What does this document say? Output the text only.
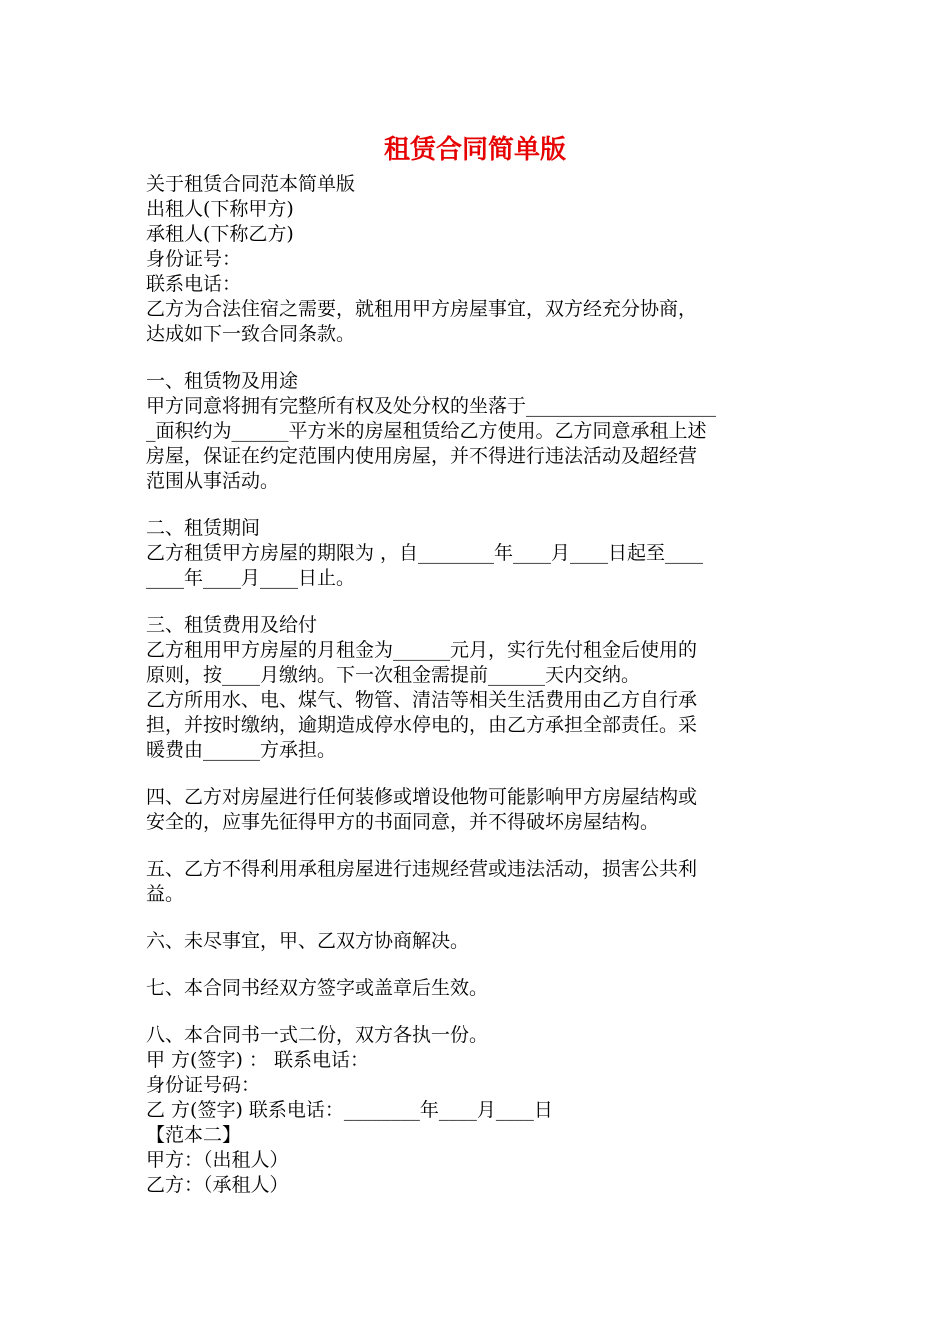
租赁合同简单版
关于租赁合同范本简单版
出租人(下称甲方)
承租人(下称乙方)
身份证号：
联系电话：
乙方为合法住宿之需要，就租用甲方房屋事宜，双方经充分协商，
达成如下一致合同条款。
一、租赁物及用途
甲方同意将拥有完整所有权及处分权的坐落于____________________
_面积约为______平方米的房屋租赁给乙方使用。乙方同意承租上述
房屋，保证在约定范围内使用房屋，并不得进行违法活动及超经营
范围从事活动。
二、租赁期间
乙方租赁甲方房屋的期限为 ，自________年____月____日起至____
____年____月____日止。
三、租赁费用及给付
乙方租用甲方房屋的月租金为______元月，实行先付租金后使用的
原则，按____月缴纳。下一次租金需提前______天内交纳。
乙方所用水、电、煤气、物管、清洁等相关生活费用由乙方自行承
担，并按时缴纳，逾期造成停水停电的，由乙方承担全部责任。采
暖费由______方承担。
四、乙方对房屋进行任何装修或增设他物可能影响甲方房屋结构或
安全的，应事先征得甲方的书面同意，并不得破坏房屋结构。
五、乙方不得利用承租房屋进行违规经营或违法活动，损害公共利
益。
六、未尽事宜，甲、乙双方协商解决。
七、本合同书经双方签字或盖章后生效。
八、本合同书一式二份，双方各执一份。
甲 方(签字) ： 联系电话：
身份证号码：
乙 方(签字) 联系电话：________年____月____日
【范本二】
甲方：（出租人）
乙方：（承租人）
